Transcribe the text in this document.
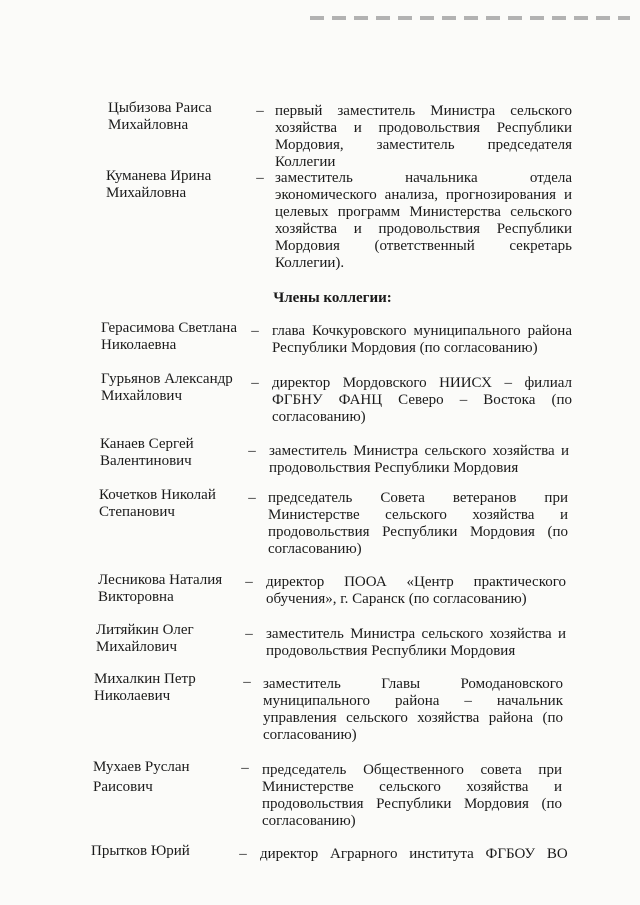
Цыбизова Раиса Михайловна
– первый заместитель Министра сельского хозяйства и продовольствия Республики Мордовия, заместитель председателя Коллегии
Куманева Ирина Михайловна
– заместитель начальника отдела экономического анализа, прогнозирования и целевых программ Министерства сельского хозяйства и продовольствия Республики Мордовия (ответственный секретарь Коллегии).
Члены коллегии:
Герасимова Светлана Николаевна
– глава Кочкуровского муниципального района Республики Мордовия (по согласованию)
Гурьянов Александр Михайлович
– директор Мордовского НИИСХ – филиал ФГБНУ ФАНЦ Северо – Востока (по согласованию)
Канаев Сергей Валентинович
– заместитель Министра сельского хозяйства и продовольствия Республики Мордовия
Кочетков Николай Степанович
– председатель Совета ветеранов при Министерстве сельского хозяйства и продовольствия Республики Мордовия (по согласованию)
Лесникова Наталия Викторовна
– директор ПООА «Центр практического обучения», г. Саранск (по согласованию)
Литяйкин Олег Михайлович
– заместитель Министра сельского хозяйства и продовольствия Республики Мордовия
Михалкин Петр Николаевич
– заместитель Главы Ромодановского муниципального района – начальник управления сельского хозяйства района (по согласованию)
Мухаев Руслан Раисович
– председатель Общественного совета при Министерстве сельского хозяйства и продовольствия Республики Мордовия (по согласованию)
Прытков Юрий	– директор Аграрного института ФГБОУ ВО
